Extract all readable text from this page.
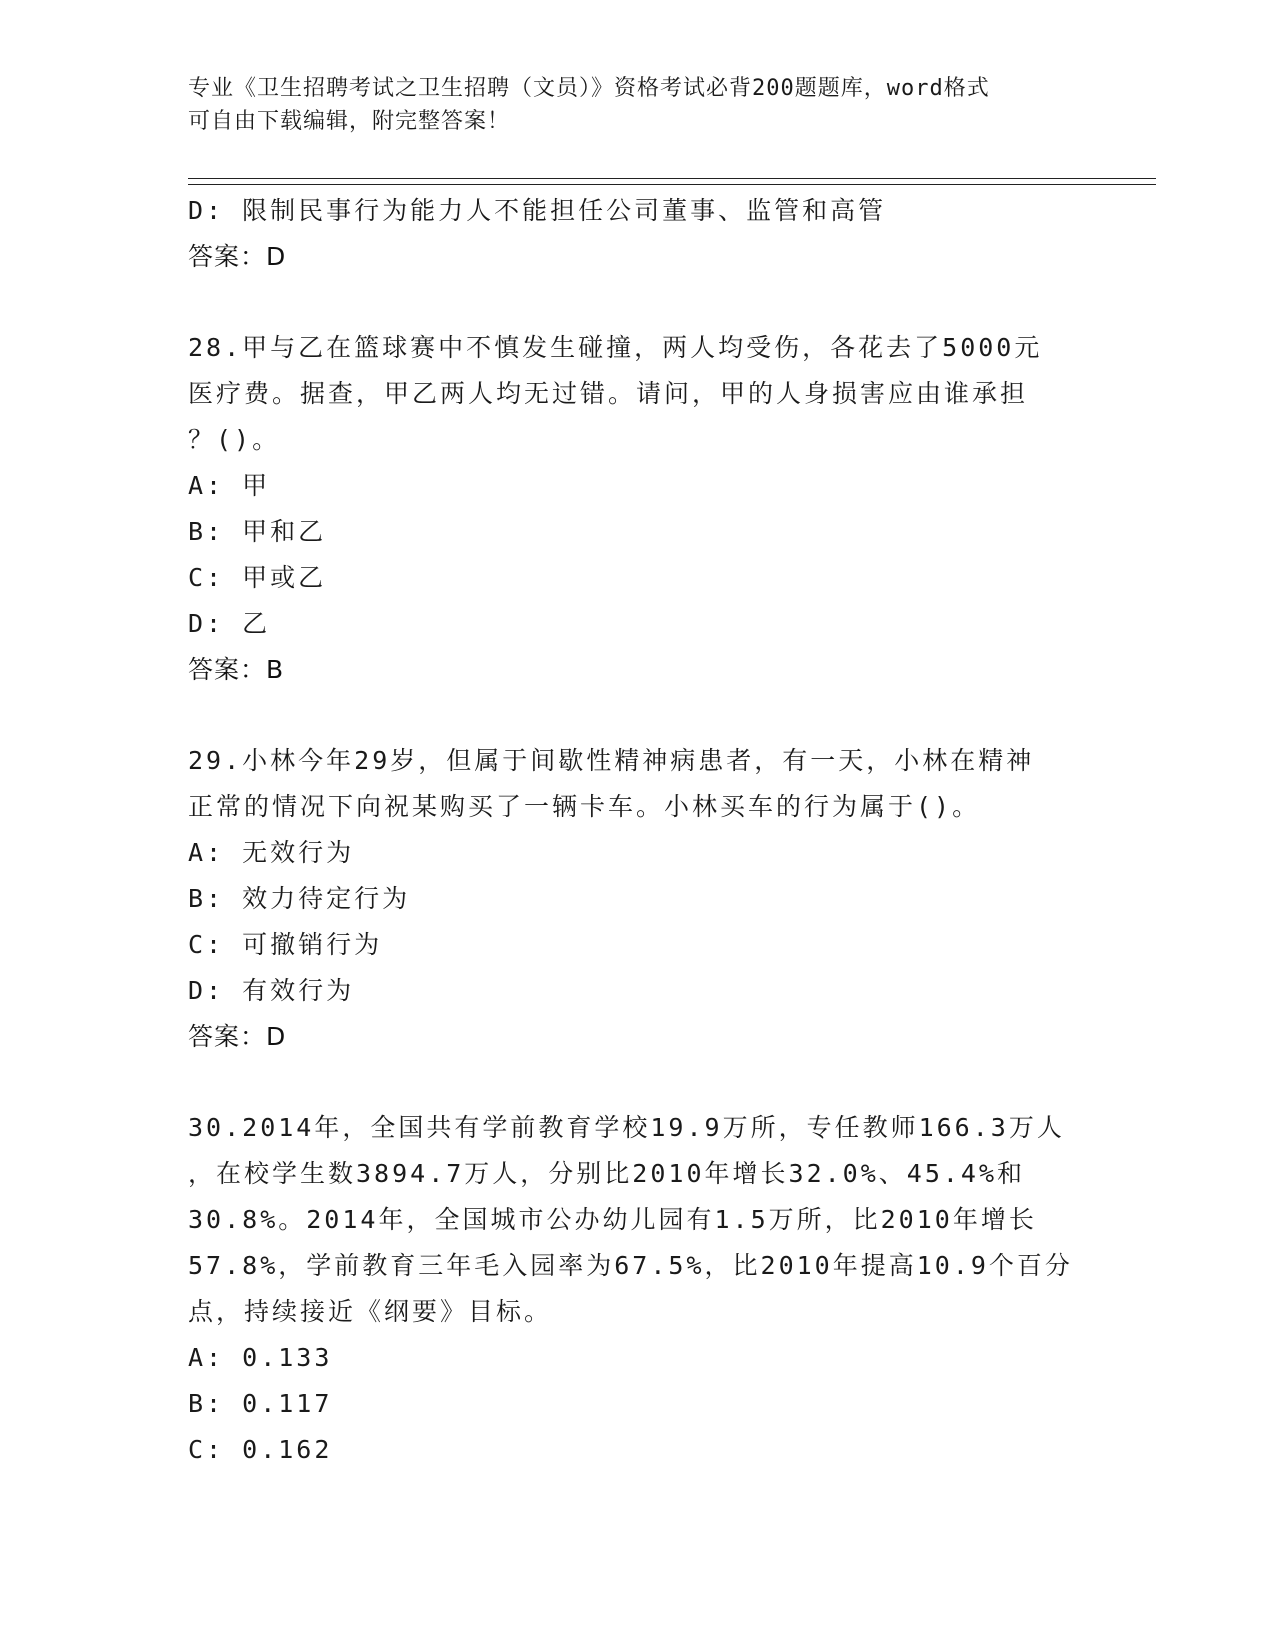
专业《卫生招聘考试之卫生招聘（文员）》资格考试必背200题题库，word格式
可自由下载编辑，附完整答案！
D: 限制民事行为能力人不能担任公司董事、监管和高管
答案：D
28.甲与乙在篮球赛中不慎发生碰撞，两人均受伤，各花去了5000元
医疗费。据查，甲乙两人均无过错。请问，甲的人身损害应由谁承担
？()。
A: 甲
B: 甲和乙
C: 甲或乙
D: 乙
答案：B
29.小林今年29岁，但属于间歇性精神病患者，有一天，小林在精神
正常的情况下向祝某购买了一辆卡车。小林买车的行为属于()。
A: 无效行为
B: 效力待定行为
C: 可撤销行为
D: 有效行为
答案：D
30.2014年，全国共有学前教育学校19.9万所，专任教师166.3万人
，在校学生数3894.7万人，分别比2010年增长32.0%、45.4%和
30.8%。2014年，全国城市公办幼儿园有1.5万所，比2010年增长
57.8%，学前教育三年毛入园率为67.5%，比2010年提高10.9个百分
点，持续接近《纲要》目标。
A: 0.133
B: 0.117
C: 0.162
